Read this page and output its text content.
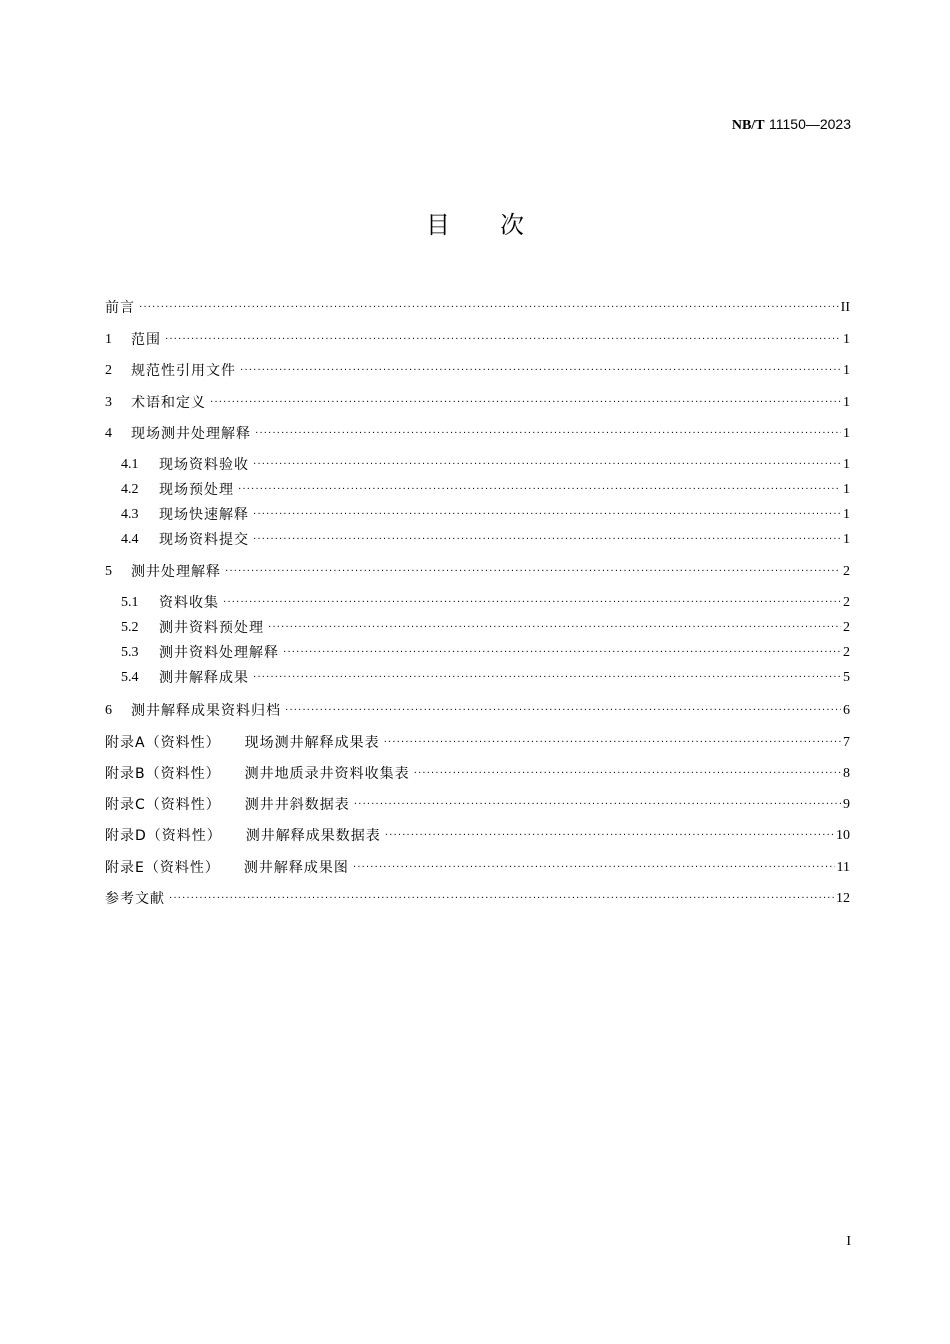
NB/T 11150—2023
目次
前言 ·····	II
1	范围 ·····	1
2	规范性引用文件 ·····	1
3	术语和定义 ·····	1
4	现场测井处理解释 ·····	1
4.1	现场资料验收 ·····	1
4.2	现场预处理 ·····	1
4.3	现场快速解释 ·····	1
4.4	现场资料提交 ·····	1
5	测井处理解释 ·····	2
5.1	资料收集 ·····	2
5.2	测井资料预处理 ·····	2
5.3	测井资料处理解释 ·····	2
5.4	测井解释成果 ·····	5
6	测井解释成果资料归档 ·····	6
附录A（资料性） 现场测井解释成果表 ·····	7
附录B（资料性） 测井地质录井资料收集表 ·····	8
附录C（资料性） 测井井斜数据表 ·····	9
附录D（资料性） 测井解释成果数据表 ·····	10
附录E（资料性） 测井解释成果图 ·····	11
参考文献 ·····	12
I
